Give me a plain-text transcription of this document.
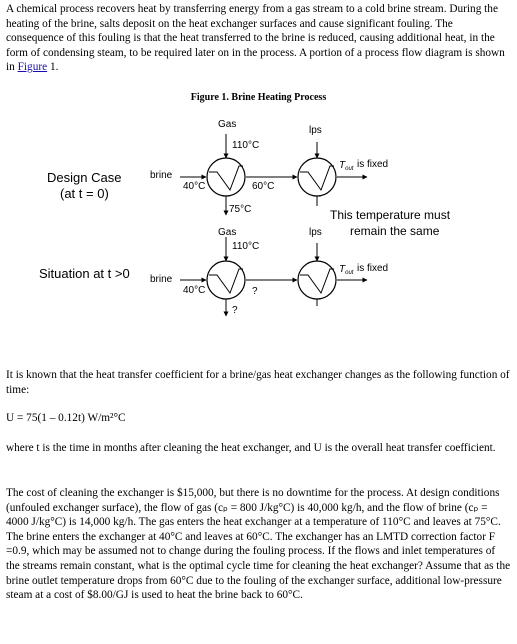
A chemical process recovers heat by transferring energy from a gas stream to a cold brine stream. During the heating of the brine, salts deposit on the heat exchanger surfaces and cause significant fouling. The consequence of this fouling is that the heat transferred to the brine is reduced, causing additional heat, in the form of condensing steam, to be required later on in the process. A portion of a process flow diagram is shown in Figure 1.

Figure 1. Brine Heating Process
Design Case
(at t = 0)
Gas
lps
110°C
brine
40°C	60°C
75°C
$T_{out}$ is fixed
This temperature must
remain the same
Situation at t >0
Gas	lps
110°C
brine
40°C	?
?
$T_{out}$ is fixed

It is known that the heat transfer coefficient for a brine/gas heat exchanger changes as the following function of time:

U = 75(1 – 0.12t) W/m²°C

where t is the time in months after cleaning the heat exchanger, and U is the overall heat transfer coefficient.

The cost of cleaning the exchanger is $15,000, but there is no downtime for the process. At design conditions (unfouled exchanger surface), the flow of gas (cₚ = 800 J/kg°C) is 40,000 kg/h, and the flow of brine (cₚ = 4000 J/kg°C) is 14,000 kg/h. The gas enters the heat exchanger at a temperature of 110°C and leaves at 75°C. The brine enters the exchanger at 40°C and leaves at 60°C. The exchanger has an LMTD correction factor F =0.9, which may be assumed not to change during the fouling process. If the flows and inlet temperatures of the streams remain constant, what is the optimal cycle time for cleaning the heat exchanger? Assume that as the brine outlet temperature drops from 60°C due to the fouling of the exchanger surface, additional low-pressure steam at a cost of $8.00/GJ is used to heat the brine back to 60°C.
